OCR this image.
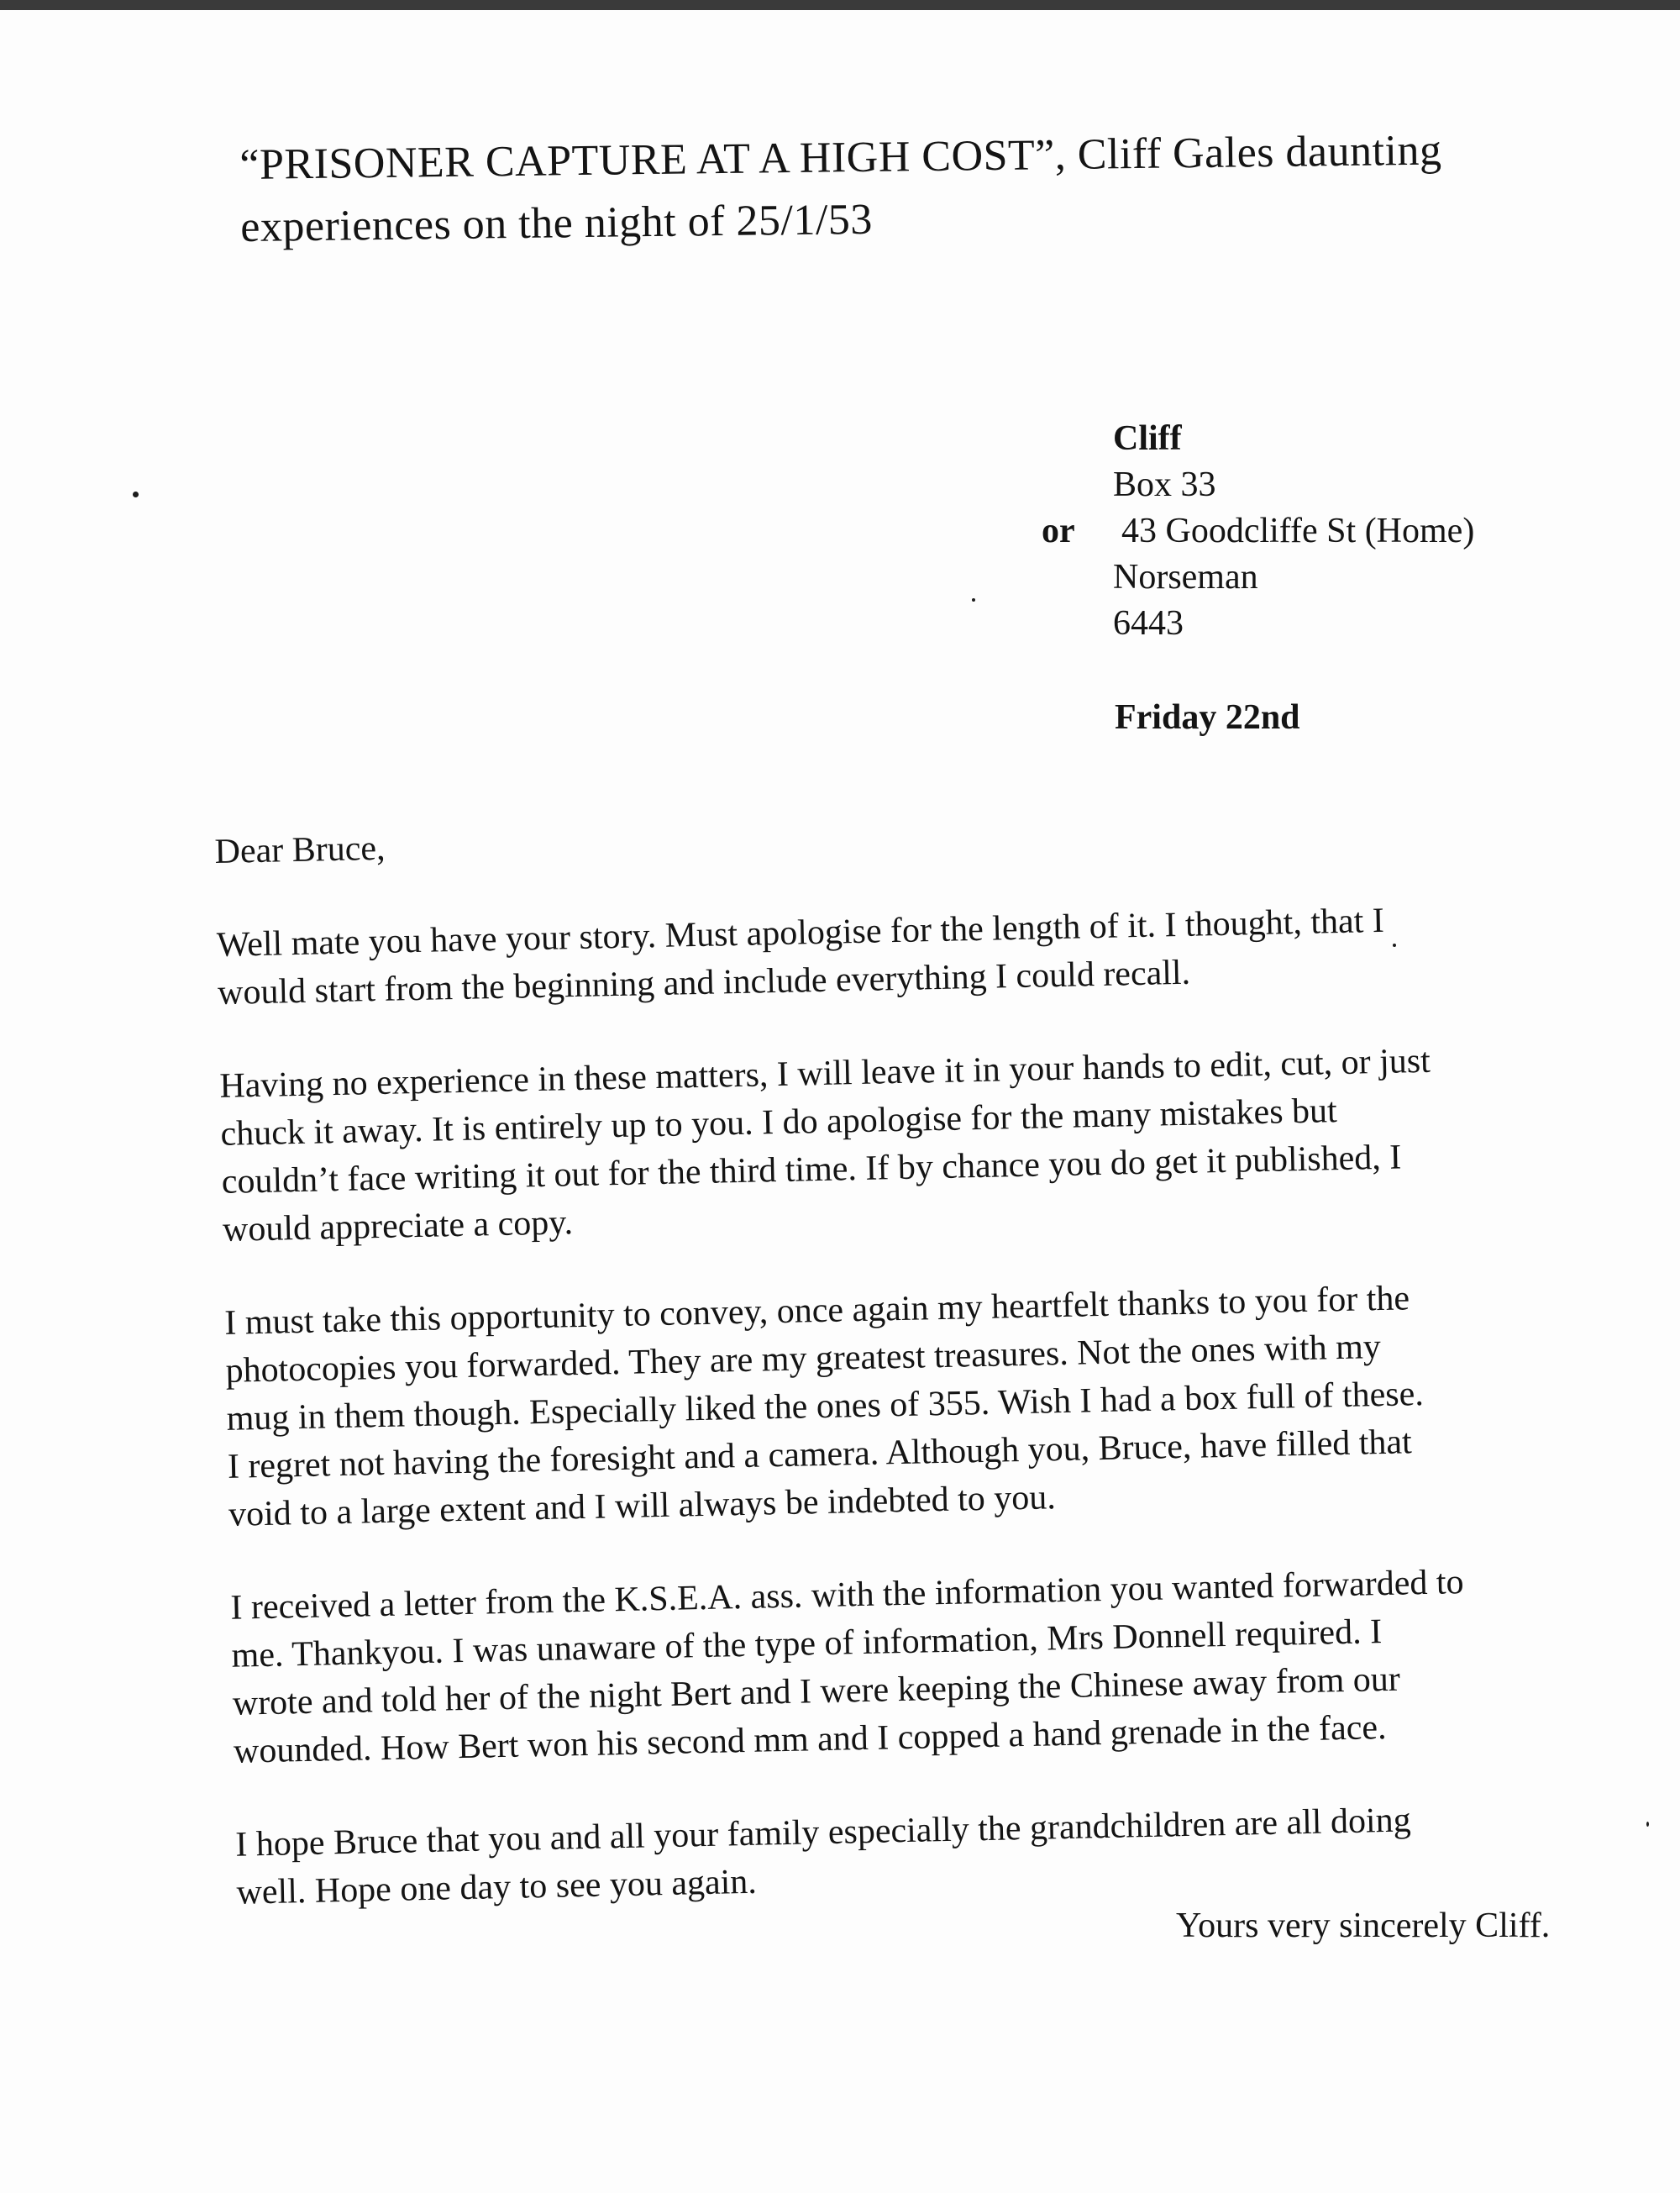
“PRISONER CAPTURE AT A HIGH COST”, Cliff Gales daunting

experiences on the night of 25/1/53

Cliff
Box 33
or 43 Goodcliffe St (Home)
Norseman
6443
Friday 22nd

Dear Bruce,

Well mate you have your story. Must apologise for the length of it. I thought, that I
would start from the beginning and include everything I could recall.

Having no experience in these matters, I will leave it in your hands to edit, cut, or just
chuck it away. It is entirely up to you. I do apologise for the many mistakes but
couldn’t face writing it out for the third time. If by chance you do get it published, I
would appreciate a copy.

I must take this opportunity to convey, once again my heartfelt thanks to you for the
photocopies you forwarded. They are my greatest treasures. Not the ones with my
mug in them though. Especially liked the ones of 355. Wish I had a box full of these.
I regret not having the foresight and a camera. Although you, Bruce, have filled that
void to a large extent and I will always be indebted to you.

I received a letter from the K.S.E.A. ass. with the information you wanted forwarded to
me. Thankyou. I was unaware of the type of information, Mrs Donnell required. I
wrote and told her of the night Bert and I were keeping the Chinese away from our
wounded. How Bert won his second mm and I copped a hand grenade in the face.

I hope Bruce that you and all your family especially the grandchildren are all doing
well. Hope one day to see you again.

Yours very sincerely Cliff.
